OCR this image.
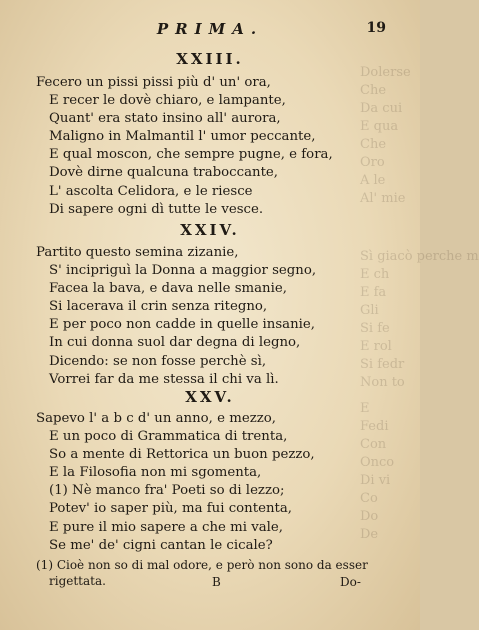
Dolerse
Che
Da cui
E qua
Che
Oro
A le
Al' mie
Sì giacò perche m
E ch
E fa
Gli
Si fe
E rol
Si fedr
Non to
E
Fedi
Con
Onco
Di vi
Co
Do
De
PRIMA.	19
XXIII.
Fecero un pissi pissi più d' un' ora,
E recer le dovè chiaro, e lampante,
Quant' era stato insino all' aurora,
Maligno in Malmantil l' umor peccante,
E qual moscon, che sempre pugne, e fora,
Dovè dirne qualcuna traboccante,
L' ascolta Celidora, e le riesce
Di sapere ogni dì tutte le vesce.
XXIV.
Partito questo semina zizanie,
S' incipriguì la Donna a maggior segno,
Facea la bava, e dava nelle smanie,
Si lacerava il crin senza ritegno,
E per poco non cadde in quelle insanie,
In cui donna suol dar degna di legno,
Dicendo: se non fosse perchè sì,
Vorrei far da me stessa il chi va lì.
XXV.
Sapevo l' a b c d' un anno, e mezzo,
E un poco di Grammatica di trenta,
So a mente di Rettorica un buon pezzo,
E la Filosofia non mi sgomenta,
(1) Nè manco fra' Poeti so di lezzo;
Potev' io saper più, ma fui contenta,
E pure il mio sapere a che mi vale,
Se me' de' cigni cantan le cicale?
(1) Cioè non so di mal odore, e però non sono da esser
rigettata.	B	Do-
